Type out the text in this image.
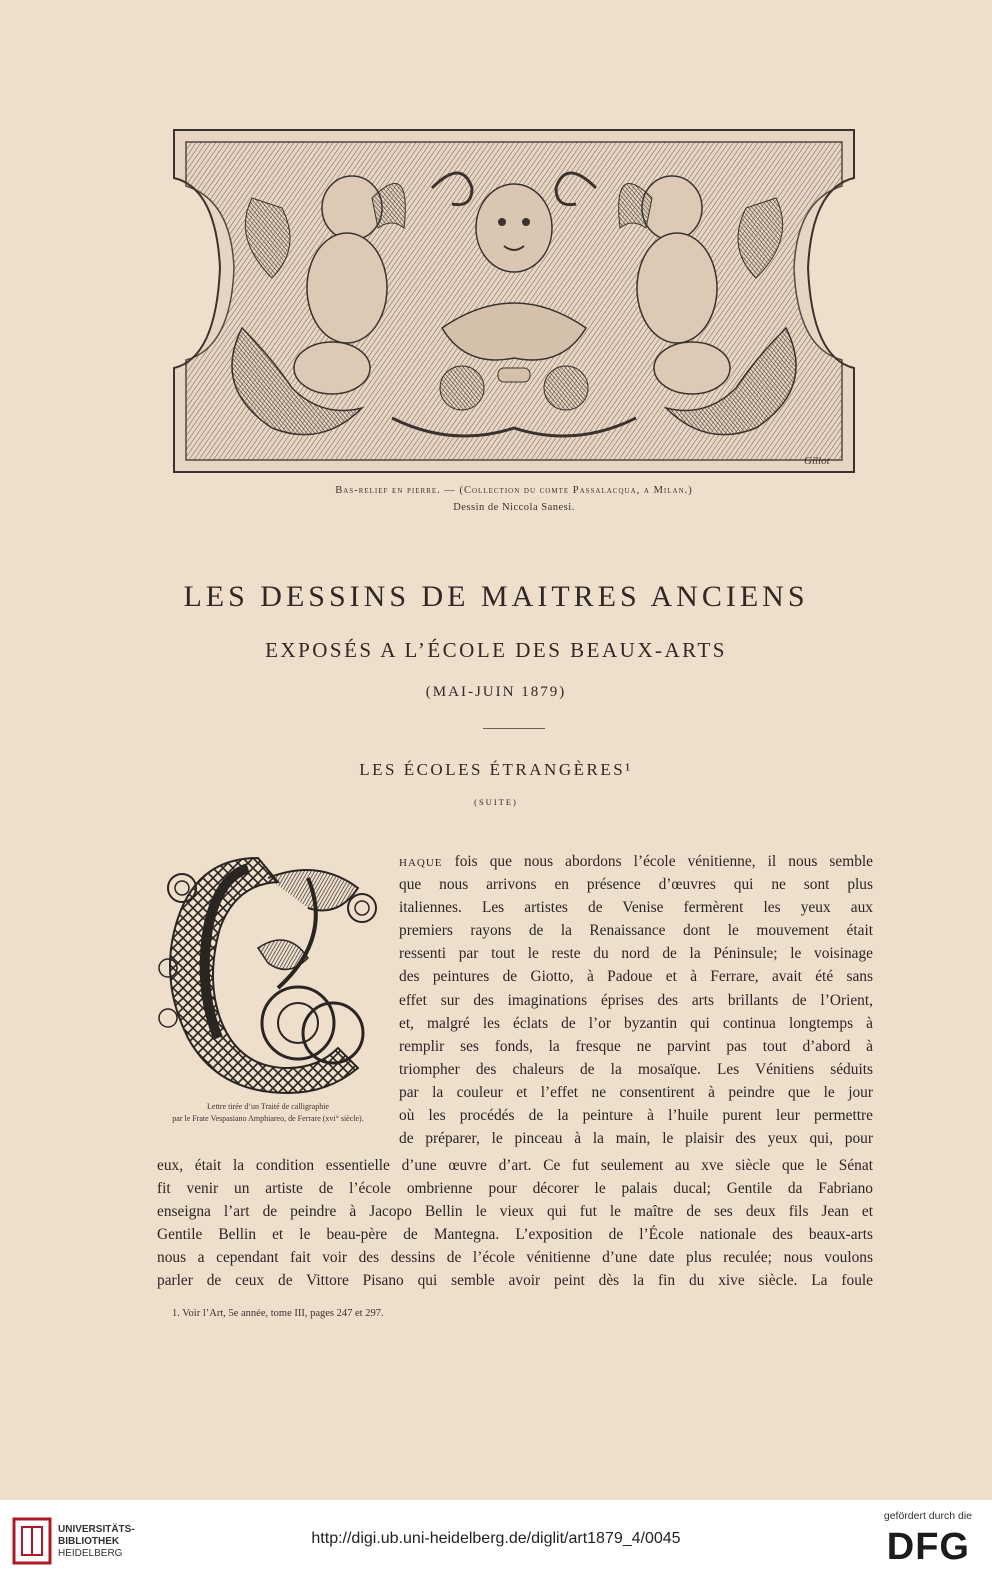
Gillot
Bas-relief en pierre. — (Collection du comte Passalacqua, a Milan.)
Dessin de Niccola Sanesi.
LES DESSINS DE MAITRES ANCIENS
EXPOSÉS A L’ÉCOLE DES BEAUX-ARTS
(MAI-JUIN 1879)
LES ÉCOLES ÉTRANGÈRES¹
(SUITE)
Lettre tirée d’un Traité de calligraphie
par le Frate Vespasiano Amphiareo, de Ferrare (xvi° siècle).
haque fois que nous abordons l’école vénitienne, il nous semble
que nous arrivons en présence d’œuvres qui ne sont plus
italiennes. Les artistes de Venise fermèrent les yeux aux
premiers rayons de la Renaissance dont le mouvement était
ressenti par tout le reste du nord de la Péninsule; le voisinage
des peintures de Giotto, à Padoue et à Ferrare, avait été sans
effet sur des imaginations éprises des arts brillants de l’Orient,
et, malgré les éclats de l’or byzantin qui continua longtemps à
remplir ses fonds, la fresque ne parvint pas tout d’abord à
triompher des chaleurs de la mosaïque. Les Vénitiens séduits
par la couleur et l’effet ne consentirent à peindre que le jour
où les procédés de la peinture à l’huile purent leur permettre
de préparer, le pinceau à la main, le plaisir des yeux qui, pour
eux, était la condition essentielle d’une œuvre d’art. Ce fut seulement au xve siècle que le Sénat
fit venir un artiste de l’école ombrienne pour décorer le palais ducal; Gentile da Fabriano
enseigna l’art de peindre à Jacopo Bellin le vieux qui fut le maître de ses deux fils Jean et
Gentile Bellin et le beau-père de Mantegna. L’exposition de l’École nationale des beaux-arts
nous a cependant fait voir des dessins de l’école vénitienne d’une date plus reculée; nous voulons
parler de ceux de Vittore Pisano qui semble avoir peint dès la fin du xive siècle. La foule
1. Voir l’Art, 5e année, tome III, pages 247 et 297.
UNIVERSITÄTS-
BIBLIOTHEK
HEIDELBERG
http://digi.ub.uni-heidelberg.de/diglit/art1879_4/0045
gefördert durch die
DFG
